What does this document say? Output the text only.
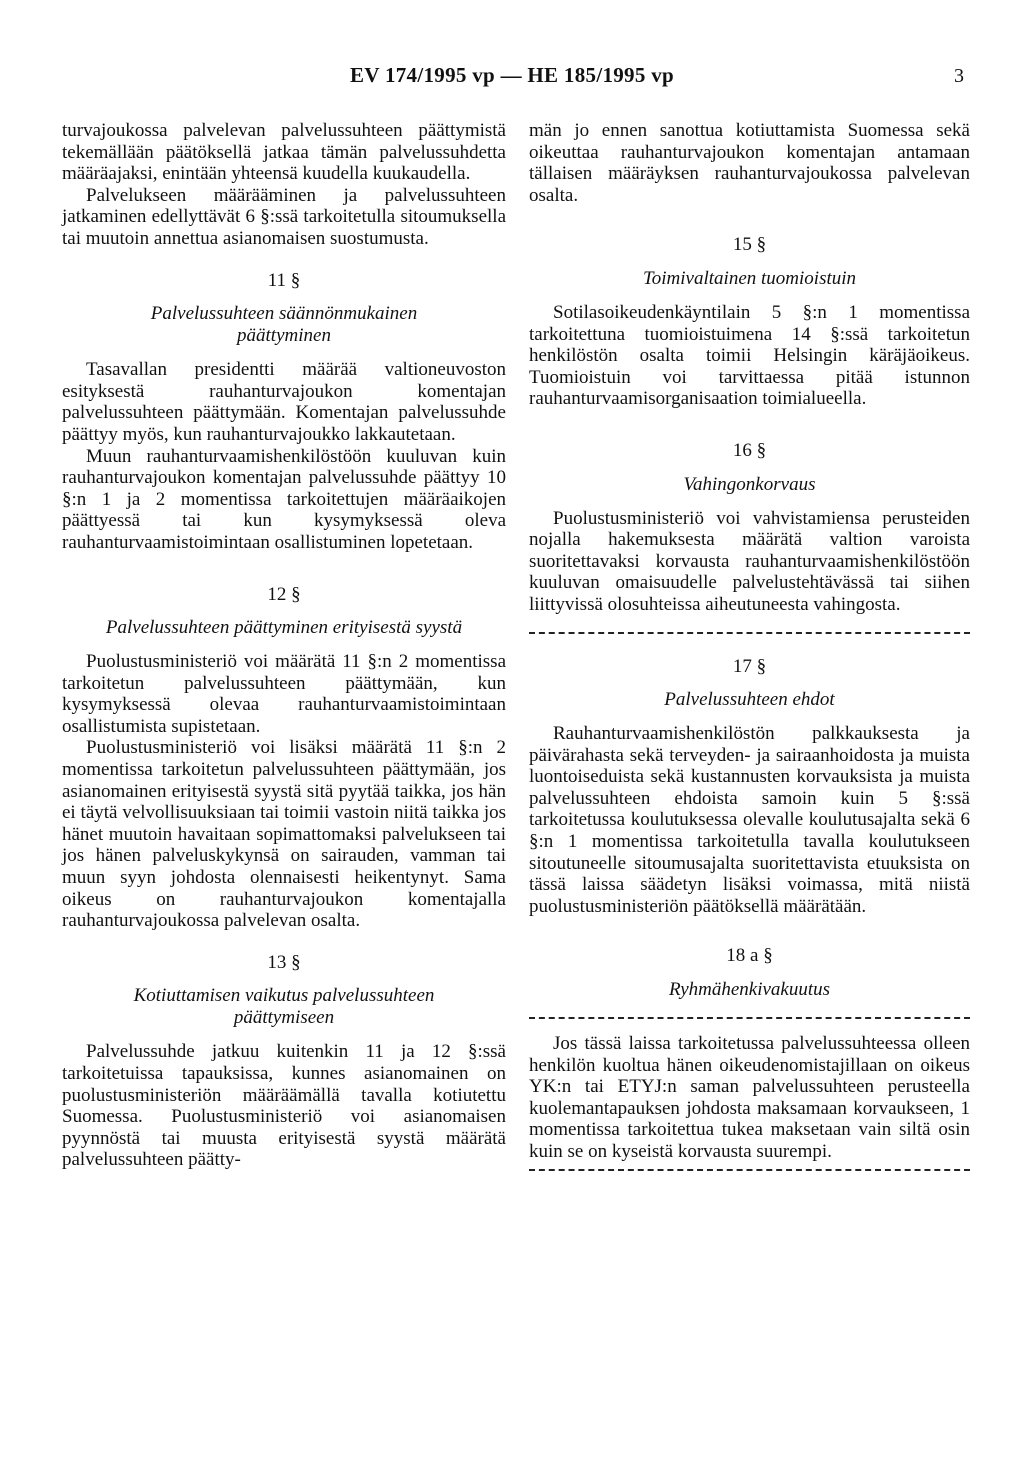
EV 174/1995 vp — HE 185/1995 vp	3

turvajoukossa palvelevan palvelussuhteen päättymistä tekemällään päätöksellä jatkaa tämän palvelussuhdetta määräajaksi, enintään yhteensä kuudella kuukaudella.

Palvelukseen määrääminen ja palvelussuhteen jatkaminen edellyttävät 6 §:ssä tarkoitetulla sitoumuksella tai muutoin annettua asianomaisen suostumusta.

11 §
Palvelussuhteen säännönmukainen päättyminen

Tasavallan presidentti määrää valtioneuvoston esityksestä rauhanturvajoukon komentajan palvelussuhteen päättymään. Komentajan palvelussuhde päättyy myös, kun rauhanturvajoukko lakkautetaan.

Muun rauhanturvaamishenkilöstöön kuuluvan kuin rauhanturvajoukon komentajan palvelussuhde päättyy 10 §:n 1 ja 2 momentissa tarkoitettujen määräaikojen päättyessä tai kun kysymyksessä oleva rauhanturvaamistoimintaan osallistuminen lopetetaan.

12 §
Palvelussuhteen päättyminen erityisestä syystä

Puolustusministeriö voi määrätä 11 §:n 2 momentissa tarkoitetun palvelussuhteen päättymään, kun kysymyksessä olevaa rauhanturvaamistoimintaan osallistumista supistetaan.

Puolustusministeriö voi lisäksi määrätä 11 §:n 2 momentissa tarkoitetun palvelussuhteen päättymään, jos asianomainen erityisestä syystä sitä pyytää taikka, jos hän ei täytä velvollisuuksiaan tai toimii vastoin niitä taikka jos hänet muutoin havaitaan sopimattomaksi palvelukseen tai jos hänen palveluskykynsä on sairauden, vamman tai muun syyn johdosta olennaisesti heikentynyt. Sama oikeus on rauhanturvajoukon komentajalla rauhanturvajoukossa palvelevan osalta.

13 §
Kotiuttamisen vaikutus palvelussuhteen päättymiseen

Palvelussuhde jatkuu kuitenkin 11 ja 12 §:ssä tarkoitetuissa tapauksissa, kunnes asianomainen on puolustusministeriön määräämällä tavalla kotiutettu Suomessa. Puolustusministeriö voi asianomaisen pyynnöstä tai muusta erityisestä syystä määrätä palvelussuhteen päätty-

män jo ennen sanottua kotiuttamista Suomessa sekä oikeuttaa rauhanturvajoukon komentajan antamaan tällaisen määräyksen rauhanturvajoukossa palvelevan osalta.

15 §
Toimivaltainen tuomioistuin

Sotilasoikeudenkäyntilain 5 §:n 1 momentissa tarkoitettuna tuomioistuimena 14 §:ssä tarkoitetun henkilöstön osalta toimii Helsingin käräjäoikeus. Tuomioistuin voi tarvittaessa pitää istunnon rauhanturvaamisorganisaation toimialueella.

16 §
Vahingonkorvaus

Puolustusministeriö voi vahvistamiensa perusteiden nojalla hakemuksesta määrätä valtion varoista suoritettavaksi korvausta rauhanturvaamishenkilöstöön kuuluvan omaisuudelle palvelustehtävässä tai siihen liittyvissä olosuhteissa aiheutuneesta vahingosta.

17 §
Palvelussuhteen ehdot

Rauhanturvaamishenkilöstön palkkauksesta ja päivärahasta sekä terveyden- ja sairaanhoidosta ja muista luontoiseduista sekä kustannusten korvauksista ja muista palvelussuhteen ehdoista samoin kuin 5 §:ssä tarkoitetussa koulutuksessa olevalle koulutusajalta sekä 6 §:n 1 momentissa tarkoitetulla tavalla koulutukseen sitoutuneelle sitoumusajalta suoritettavista etuuksista on tässä laissa säädetyn lisäksi voimassa, mitä niistä puolustusministeriön päätöksellä määrätään.

18 a §
Ryhmähenkivakuutus

Jos tässä laissa tarkoitetussa palvelussuhteessa olleen henkilön kuoltua hänen oikeudenomistajillaan on oikeus YK:n tai ETYJ:n saman palvelussuhteen perusteella kuolemantapauksen johdosta maksamaan korvaukseen, 1 momentissa tarkoitettua tukea maksetaan vain siltä osin kuin se on kyseistä korvausta suurempi.
